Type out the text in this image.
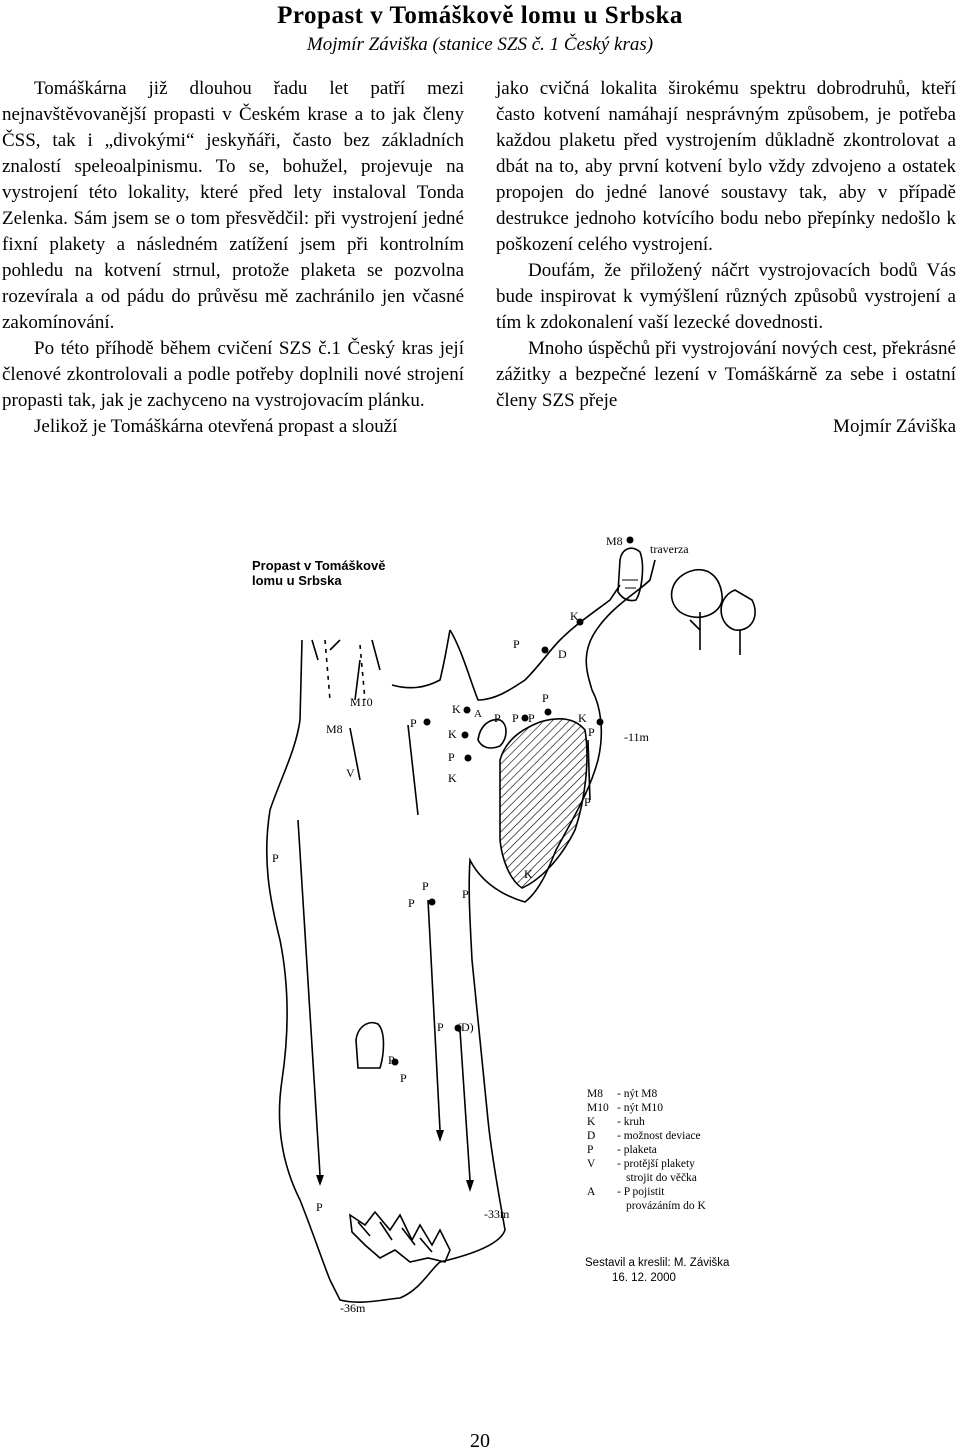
Propast v Tomáškově lomu u Srbska
Mojmír Záviška (stanice SZS č. 1 Český kras)

Tomáškárna již dlouhou řadu let patří mezi nejnavštěvovanější propasti v Českém krase a to jak členy ČSS, tak i „divokými“ jeskyňáři, často bez základních znalostí speleoalpinismu. To se, bohužel, projevuje na vystrojení této lokality, které před lety instaloval Tonda Zelenka. Sám jsem se o tom přesvědčil: při vystrojení jedné fixní plakety a následném zatížení jsem při kontrolním pohledu na kotvení strnul, protože plaketa se pozvolna rozevírala a od pádu do průvěsu mě zachránilo jen včasné zakomínování.

Po této příhodě během cvičení SZS č.1 Český kras její členové zkontrolovali a podle potřeby doplnili nové strojení propasti tak, jak je zachyceno na vystrojovacím plánku.

Jelikož je Tomáškárna otevřená propast a slouží

jako cvičná lokalita širokému spektru dobrodruhů, kteří často kotvení namáhají nesprávným způsobem, je potřeba každou plaketu před vystrojením důkladně zkontrolovat a dbát na to, aby první kotvení bylo vždy zdvojeno a ostatek propojen do jedné lanové soustavy tak, aby v případě destrukce jednoho kotvícího bodu nebo přepínky nedošlo k poškození celého vystrojení.

Doufám, že přiložený náčrt vystrojovacích bodů Vás bude inspirovat k vymýšlení různých způsobů vystrojení a tím k zdokonalení vaší lezecké dovednosti.

Mnoho úspěchů při vystrojování nových cest, překrásné zážitky a bezpečné lezení v Tomáškárně za sebe i ostatní členy SZS přeje

Mojmír Záviška
Propast v Tomáškově
lomu u Srbska
M8
traverza
K
P
D
M10
M8
V
P
K A P P
P
P	K
P
K
P
K
-11m
P
P
K
P
P
P
P (D)
P
P
P	-33m
-36m
M8 - nýt M8
M10 - nýt M10
K - kruh
D - možnost deviace
P - plaketa
V - protější plakety
strojit do věčka
A - P pojistit
provázáním do K
Sestavil a kreslil: M. Záviška
16. 12. 2000
20
